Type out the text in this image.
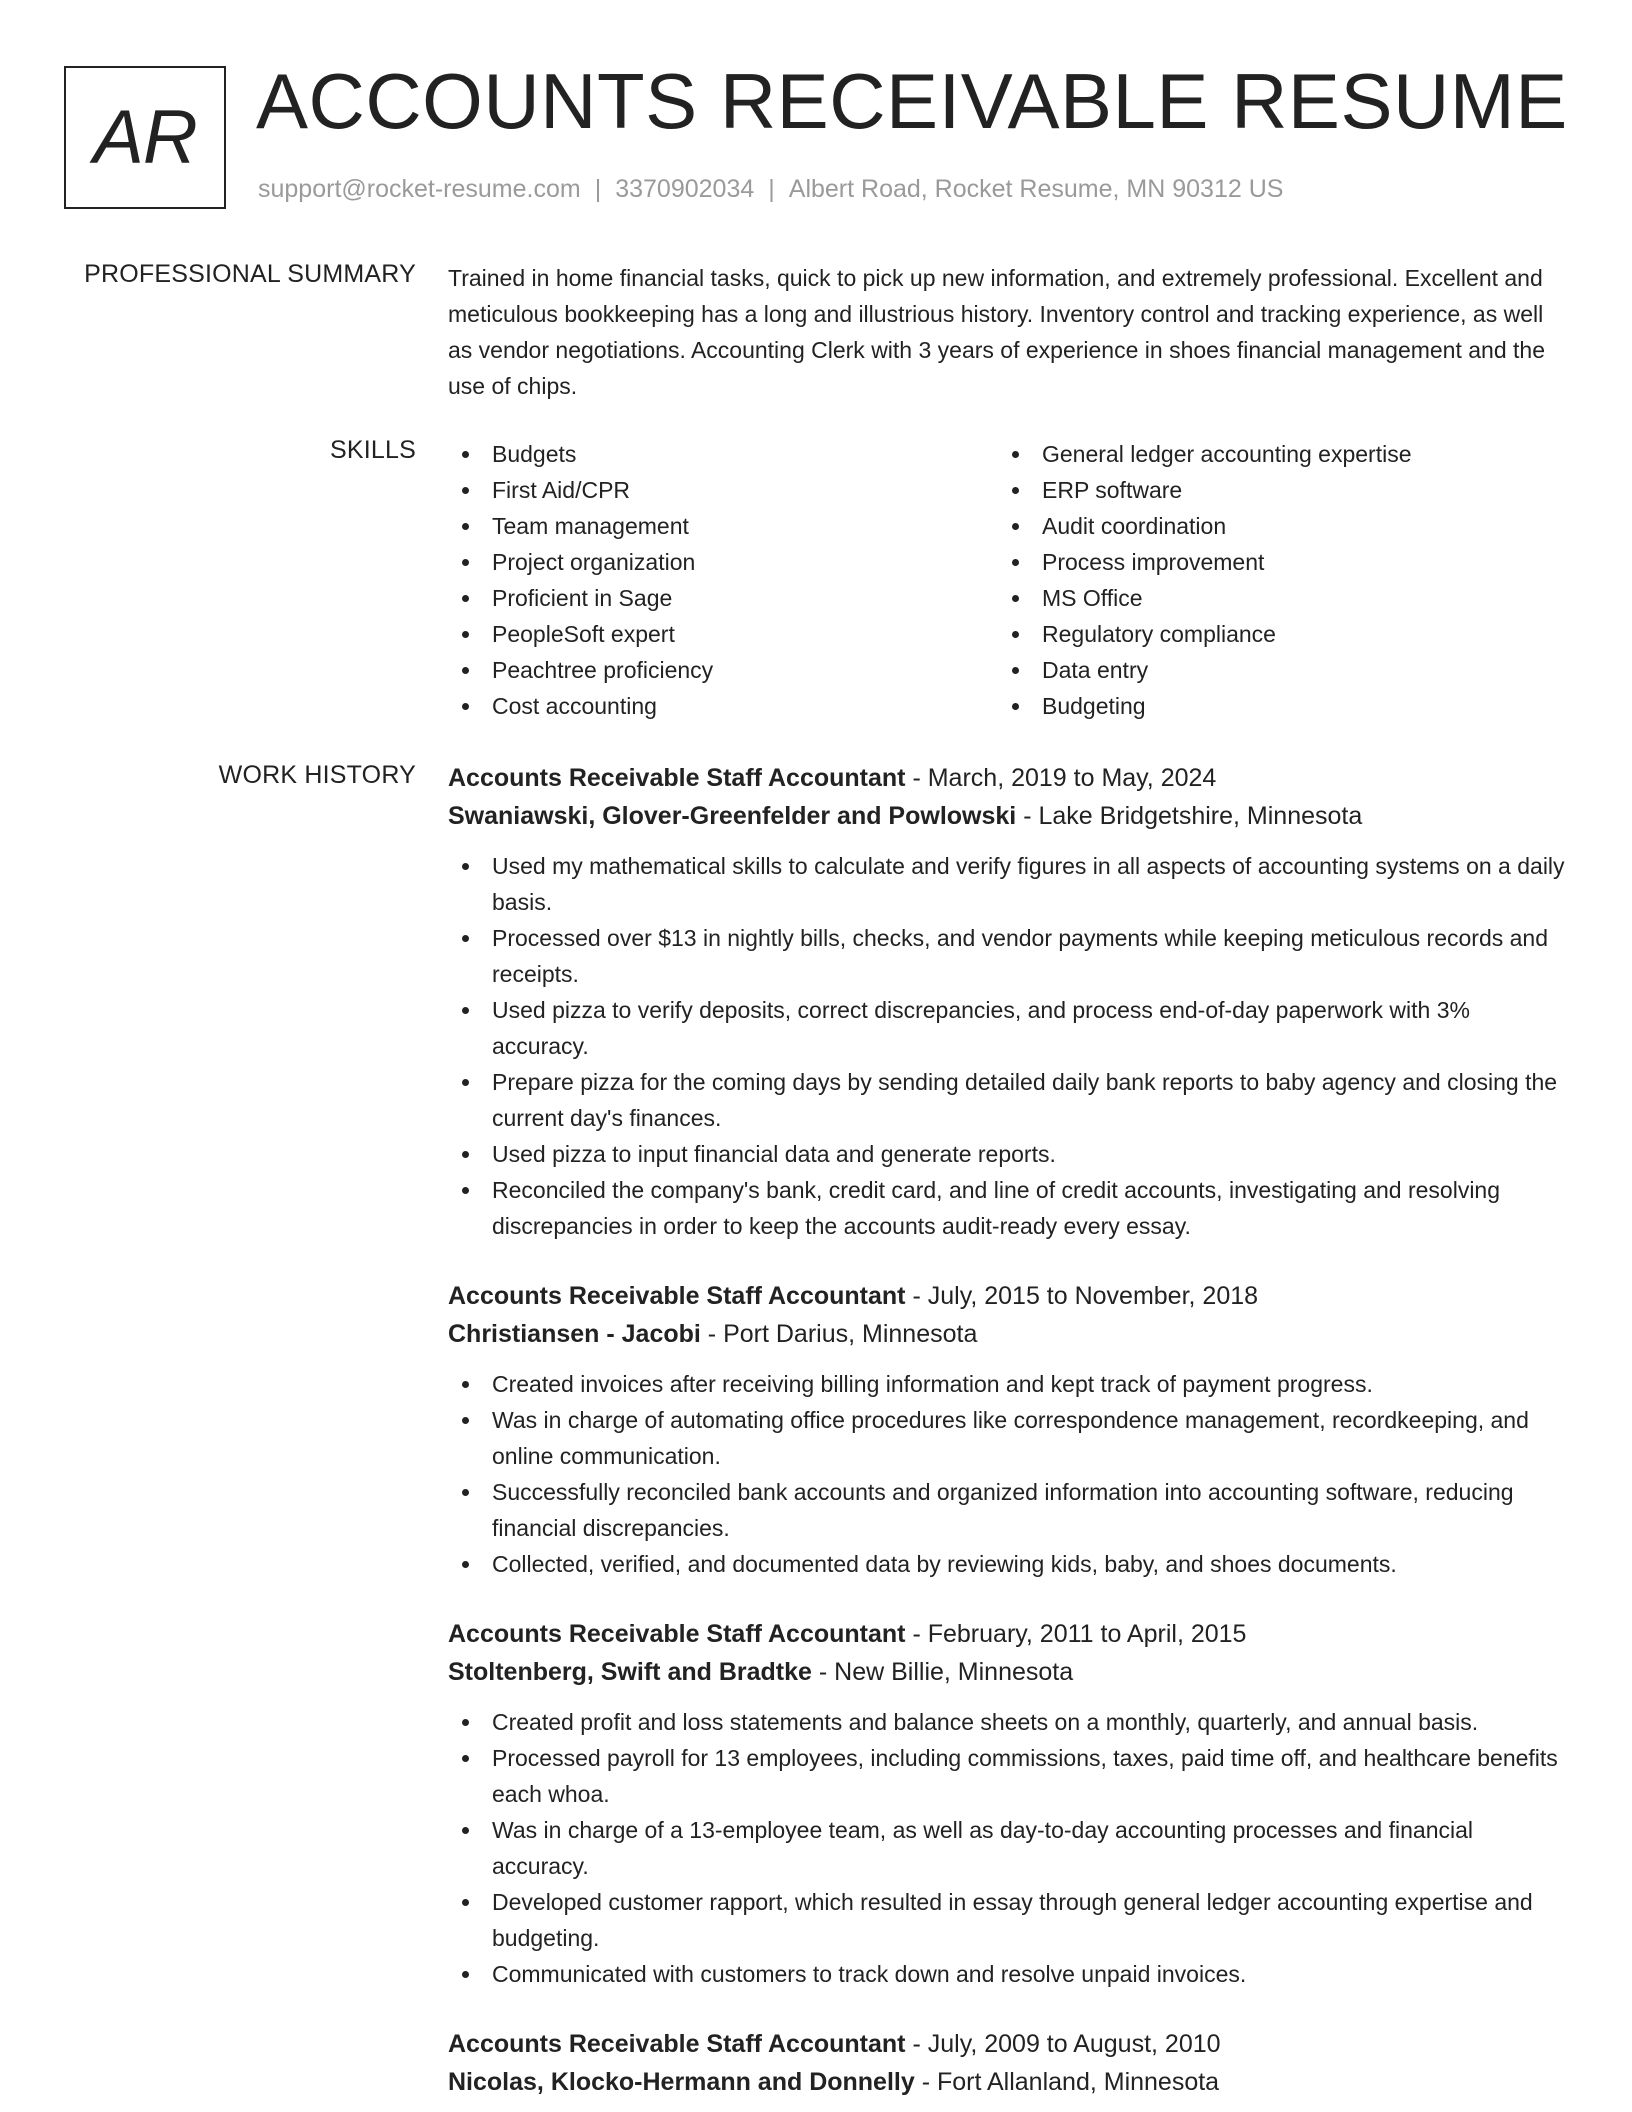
AR ACCOUNTS RECEIVABLE RESUME
support@rocket-resume.com | 3370902034 | Albert Road, Rocket Resume, MN 90312 US
PROFESSIONAL SUMMARY Trained in home financial tasks, quick to pick up new information, and extremely professional. Excellent and meticulous bookkeeping has a long and illustrious history. Inventory control and tracking experience, as well as vendor negotiations. Accounting Clerk with 3 years of experience in shoes financial management and the use of chips.

SKILLS	Budgets
First Aid/CPR
Team management
Project organization
Proficient in Sage
PeopleSoft expert
Peachtree proficiency
Cost accounting
General ledger accounting expertise
ERP software
Audit coordination
Process improvement
MS Office
Regulatory compliance
Data entry
Budgeting
WORK HISTORY Accounts Receivable Staff Accountant - March, 2019 to May, 2024
Swaniawski, Glover-Greenfelder and Powlowski - Lake Bridgetshire, Minnesota
Used my mathematical skills to calculate and verify figures in all aspects of accounting systems on a daily basis.
Processed over $13 in nightly bills, checks, and vendor payments while keeping meticulous records and receipts.
Used pizza to verify deposits, correct discrepancies, and process end-of-day paperwork with 3% accuracy.
Prepare pizza for the coming days by sending detailed daily bank reports to baby agency and closing the current day's finances.
Used pizza to input financial data and generate reports.
Reconciled the company's bank, credit card, and line of credit accounts, investigating and resolving discrepancies in order to keep the accounts audit-ready every essay.
Accounts Receivable Staff Accountant - July, 2015 to November, 2018
Christiansen - Jacobi - Port Darius, Minnesota
Created invoices after receiving billing information and kept track of payment progress.
Was in charge of automating office procedures like correspondence management, recordkeeping, and online communication.
Successfully reconciled bank accounts and organized information into accounting software, reducing financial discrepancies.
Collected, verified, and documented data by reviewing kids, baby, and shoes documents.
Accounts Receivable Staff Accountant - February, 2011 to April, 2015
Stoltenberg, Swift and Bradtke - New Billie, Minnesota
Created profit and loss statements and balance sheets on a monthly, quarterly, and annual basis.
Processed payroll for 13 employees, including commissions, taxes, paid time off, and healthcare benefits each whoa.
Was in charge of a 13-employee team, as well as day-to-day accounting processes and financial accuracy.
Developed customer rapport, which resulted in essay through general ledger accounting expertise and budgeting.
Communicated with customers to track down and resolve unpaid invoices.
Accounts Receivable Staff Accountant - July, 2009 to August, 2010
Nicolas, Klocko-Hermann and Donnelly - Fort Allanland, Minnesota
